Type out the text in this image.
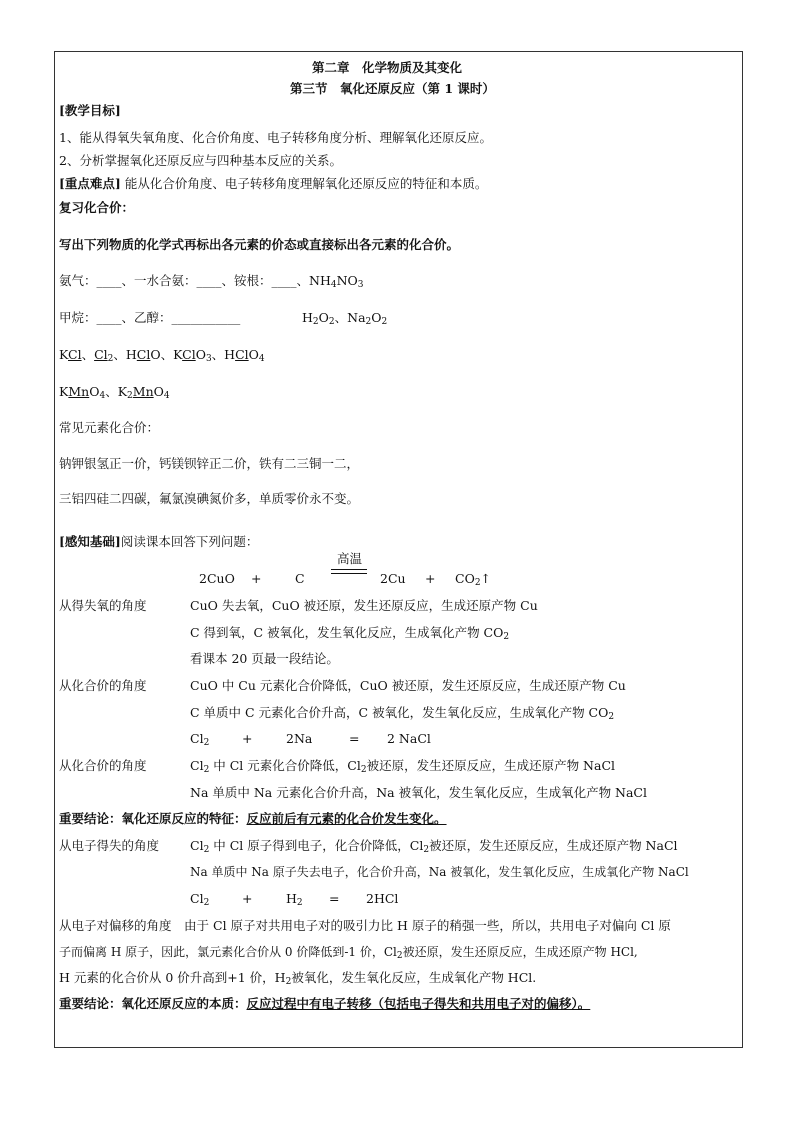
第二章　化学物质及其变化
第三节　氧化还原反应（第 1 课时）
[教学目标]
1、能从得氧失氧角度、化合价角度、电子转移角度分析、理解氧化还原反应。
2、分析掌握氧化还原反应与四种基本反应的关系。
[重点难点] 能从化合价角度、电子转移角度理解氧化还原反应的特征和本质。
复习化合价：
写出下列物质的化学式再标出各元素的价态或直接标出各元素的化合价。
氨气：____、一水合氨：____、铵根：____、$NH_4NO_3$
甲烷：____、乙醇：___________	$H_2O_2$、$Na_2O_2$
KCl、$Cl_2$、HClO、KClO$_3$、HClO$_4$
KMnO$_4$、$K_2MnO_4$
常见元素化合价：
钠钾银氢正一价，钙镁钡锌正二价，铁有二三铜一二，
三铝四硅二四碳，氟氯溴碘氮价多，单质零价永不变。
[感知基础]阅读课本回答下列问题：
高温
2CuO +	C	$2Cu + CO_2↑$
从得失氧的角度	CuO 失去氧，CuO 被还原，发生还原反应，生成还原产物 Cu
C 得到氧，C 被氧化，发生氧化反应，生成氧化产物 $CO_2$
看课本 20 页最一段结论。
从化合价的角度	CuO 中 Cu 元素化合价降低，CuO 被还原，发生还原反应，生成还原产物 Cu
C 单质中 C 元素化合价升高，C 被氧化，发生氧化反应，生成氧化产物 $CO_2$
$Cl_2$	+	2Na	= 2 NaCl
从化合价的角度	$Cl_2$ 中 Cl 元素化合价降低，$Cl_2$被还原，发生还原反应，生成还原产物 NaCl
Na 单质中 Na 元素化合价升高，Na 被氧化，发生氧化反应，生成氧化产物 NaCl
重要结论：氧化还原反应的特征：反应前后有元素的化合价发生变化。
从电子得失的角度 $Cl_2$ 中 Cl 原子得到电子，化合价降低，$Cl_2$被还原，发生还原反应，生成还原产物 NaCl
Na 单质中 Na 原子失去电子，化合价升高，Na 被氧化，发生氧化反应，生成氧化产物 NaCl
$Cl_2$	+	$H_2 = 2HCl$
从电子对偏移的角度　 由于 Cl 原子对共用电子对的吸引力比 H 原子的稍强一些，所以，共用电子对偏向 Cl 原
子而偏离 H 原子，因此，氯元素化合价从 0 价降低到-1 价，$Cl_2$被还原，发生还原反应，生成还原产物 HCl,
H 元素的化合价从 0 价升高到+1 价，$H_2$被氧化，发生氧化反应，生成氧化产物 HCl.
重要结论：氧化还原反应的本质：反应过程中有电子转移（包括电子得失和共用电子对的偏移）。
